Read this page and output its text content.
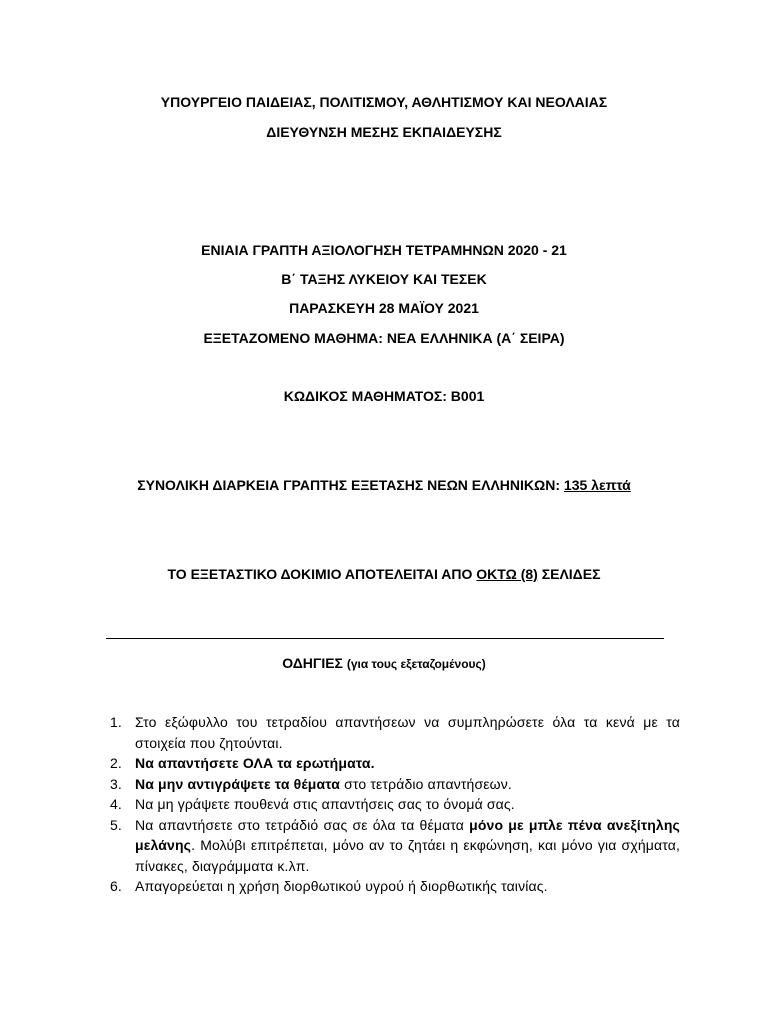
ΥΠΟΥΡΓΕΙΟ ΠΑΙΔΕΙΑΣ, ΠΟΛΙΤΙΣΜΟΥ, ΑΘΛΗΤΙΣΜΟΥ ΚΑΙ ΝΕΟΛΑΙΑΣ
ΔΙΕΥΘΥΝΣΗ ΜΕΣΗΣ ΕΚΠΑΙΔΕΥΣΗΣ
ΕΝΙΑΙΑ ΓΡΑΠΤΗ ΑΞΙΟΛΟΓΗΣΗ ΤΕΤΡΑΜΗΝΩΝ 2020 - 21
Β΄ ΤΑΞΗΣ ΛΥΚΕΙΟΥ ΚΑΙ ΤΕΣΕΚ
ΠΑΡΑΣΚΕΥΗ 28 ΜΑΪΟΥ 2021
ΕΞΕΤΑΖΟΜΕΝΟ ΜΑΘΗΜΑ: ΝΕΑ ΕΛΛΗΝΙΚΑ (Α΄ ΣΕΙΡΑ)
ΚΩΔΙΚΟΣ ΜΑΘΗΜΑΤΟΣ: Β001
ΣΥΝΟΛΙΚΗ ΔΙΑΡΚΕΙΑ ΓΡΑΠΤΗΣ ΕΞΕΤΑΣΗΣ ΝΕΩΝ ΕΛΛΗΝΙΚΩΝ: 135 λεπτά
ΤΟ ΕΞΕΤΑΣΤΙΚΟ ΔΟΚΙΜΙΟ ΑΠΟΤΕΛΕΙΤΑΙ ΑΠΟ ΟΚΤΩ (8) ΣΕΛΙΔΕΣ
ΟΔΗΓΙΕΣ (για τους εξεταζομένους)
1. Στο εξώφυλλο του τετραδίου απαντήσεων να συμπληρώσετε όλα τα κενά με τα στοιχεία που ζητούνται.
2. Να απαντήσετε ΟΛΑ τα ερωτήματα.
3. Να μην αντιγράψετε τα θέματα στο τετράδιο απαντήσεων.
4. Να μη γράψετε πουθενά στις απαντήσεις σας το όνομά σας.
5. Να απαντήσετε στο τετράδιό σας σε όλα τα θέματα μόνο με μπλε πένα ανεξίτηλης μελάνης. Μολύβι επιτρέπεται, μόνο αν το ζητάει η εκφώνηση, και μόνο για σχήματα, πίνακες, διαγράμματα κ.λπ.
6. Απαγορεύεται η χρήση διορθωτικού υγρού ή διορθωτικής ταινίας.
